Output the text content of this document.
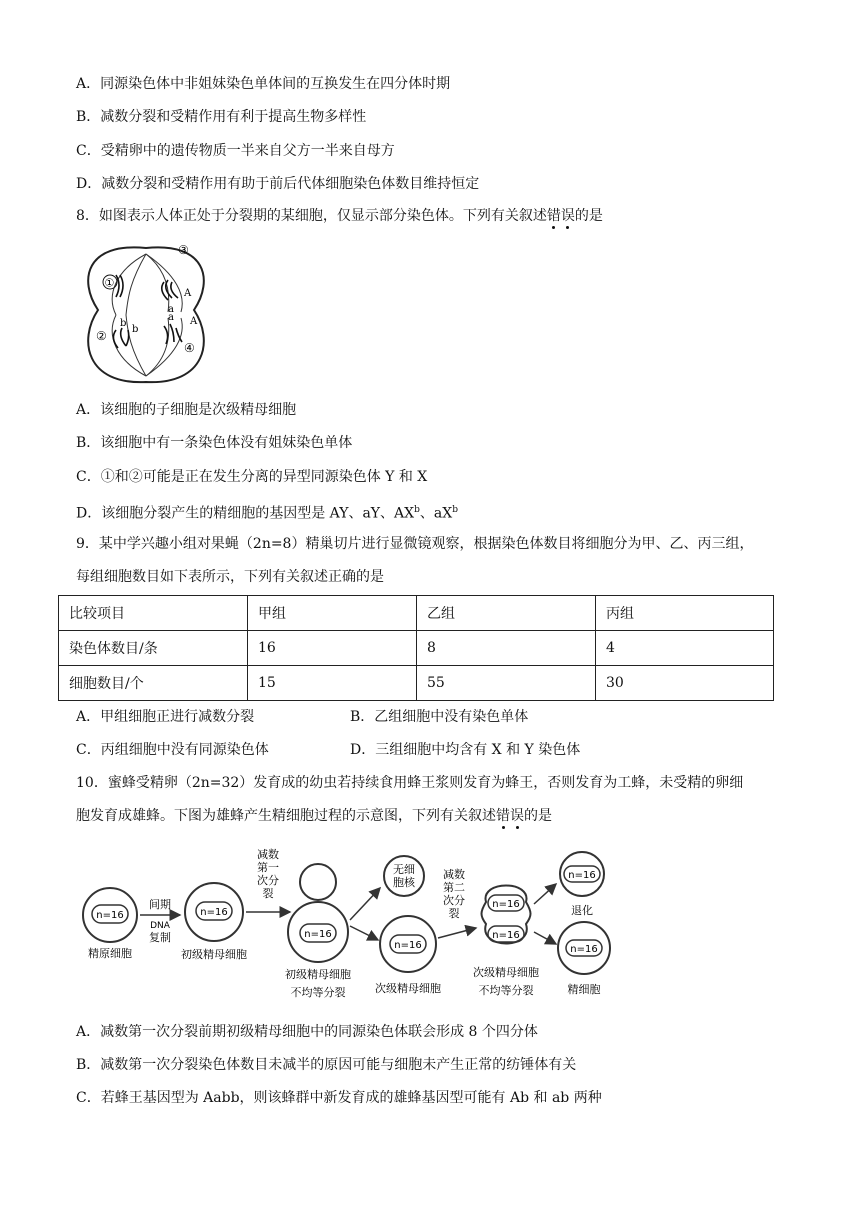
A．同源染色体中非姐妹染色单体间的互换发生在四分体时期
B．减数分裂和受精作用有利于提高生物多样性
C．受精卵中的遗传物质一半来自父方一半来自母方
D．减数分裂和受精作用有助于前后代体细胞染色体数目维持恒定
8．如图表示人体正处于分裂期的某细胞，仅显示部分染色体。下列有关叙述错误的是
①
②
③
④
A
a
a A
b
b
A．该细胞的子细胞是次级精母细胞
B．该细胞中有一条染色体没有姐妹染色单体
C．①和②可能是正在发生分离的异型同源染色体 Y 和 X
D．该细胞分裂产生的精细胞的基因型是 AY、aY、$AX^b$、$aX^b$
9．某中学兴趣小组对果蝇（2n=8）精巢切片进行显微镜观察，根据染色体数目将细胞分为甲、乙、丙三组，
每组细胞数目如下表所示，下列有关叙述正确的是
比较项目	甲组	乙组	丙组
染色体数目/条	16	8	4
细胞数目/个	15	55	30
A．甲组细胞正进行减数分裂	B．乙组细胞中没有染色单体
C．丙组细胞中没有同源染色体	D．三组细胞中均含有 X 和 Y 染色体
10．蜜蜂受精卵（2n=32）发育成的幼虫若持续食用蜂王浆则发育为蜂王，否则发育为工蜂，未受精的卵细
胞发育成雄蜂。下图为雄蜂产生精细胞过程的示意图，下列有关叙述错误的是
n=16
精原细胞
间期
DNA
复制
n=16
初级精母细胞
减数
第一
次分
裂
n=16
初级精母细胞
不均等分裂
无细
胞核
n=16
次级精母细胞
减数
第二
次分
裂
n=16
n=16
次级精母细胞
不均等分裂
n=16
退化
n=16
精细胞
A．减数第一次分裂前期初级精母细胞中的同源染色体联会形成 8 个四分体
B．减数第一次分裂染色体数目未减半的原因可能与细胞未产生正常的纺锤体有关
C．若蜂王基因型为 Aabb，则该蜂群中新发育成的雄蜂基因型可能有 Ab 和 ab 两种
